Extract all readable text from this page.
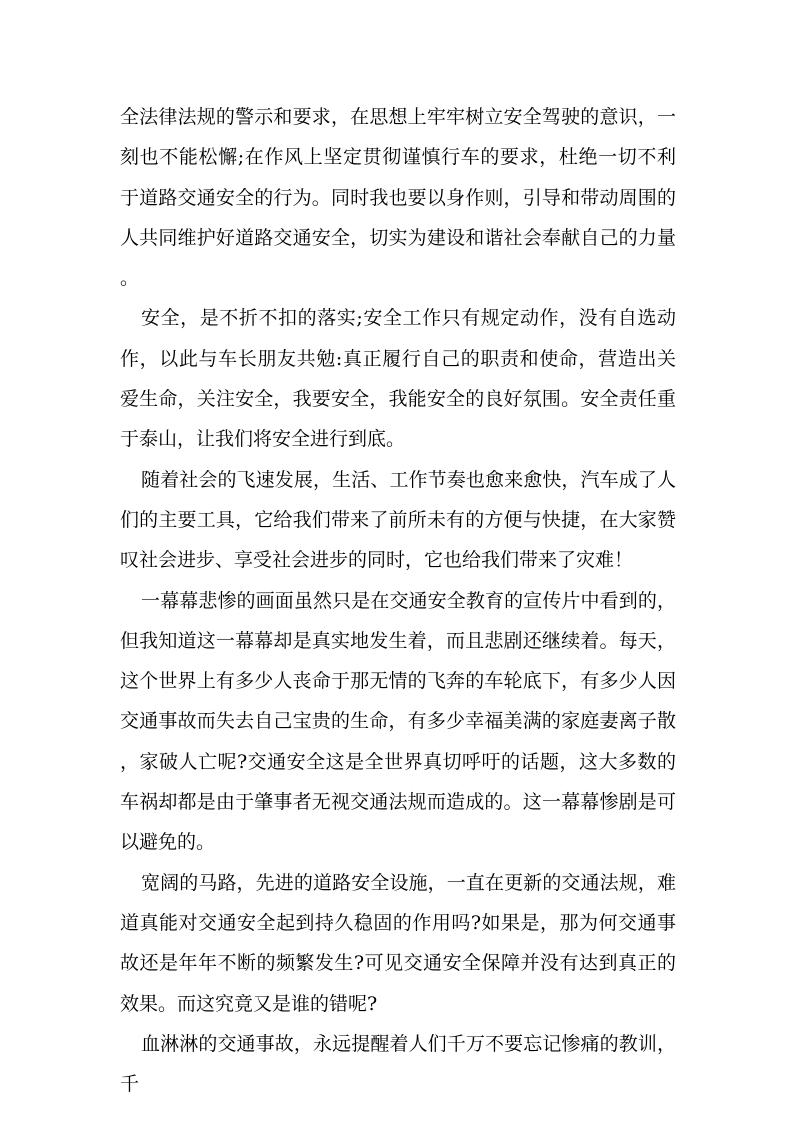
全法律法规的警示和要求，在思想上牢牢树立安全驾驶的意识，一刻也不能松懈;在作风上坚定贯彻谨慎行车的要求，杜绝一切不利于道路交通安全的行为。同时我也要以身作则，引导和带动周围的人共同维护好道路交通安全，切实为建设和谐社会奉献自己的力量。

安全，是不折不扣的落实;安全工作只有规定动作，没有自选动作，以此与车长朋友共勉:真正履行自己的职责和使命，营造出关爱生命，关注安全，我要安全，我能安全的良好氛围。安全责任重于泰山，让我们将安全进行到底。

随着社会的飞速发展，生活、工作节奏也愈来愈快，汽车成了人们的主要工具，它给我们带来了前所未有的方便与快捷，在大家赞叹社会进步、享受社会进步的同时，它也给我们带来了灾难！

一幕幕悲惨的画面虽然只是在交通安全教育的宣传片中看到的，但我知道这一幕幕却是真实地发生着，而且悲剧还继续着。每天，这个世界上有多少人丧命于那无情的飞奔的车轮底下，有多少人因交通事故而失去自己宝贵的生命，有多少幸福美满的家庭妻离子散，家破人亡呢?交通安全这是全世界真切呼吁的话题，这大多数的车祸却都是由于肇事者无视交通法规而造成的。这一幕幕惨剧是可以避免的。

宽阔的马路，先进的道路安全设施，一直在更新的交通法规，难道真能对交通安全起到持久稳固的作用吗?如果是，那为何交通事故还是年年不断的频繁发生?可见交通安全保障并没有达到真正的效果。而这究竟又是谁的错呢?

血淋淋的交通事故，永远提醒着人们千万不要忘记惨痛的教训，千
